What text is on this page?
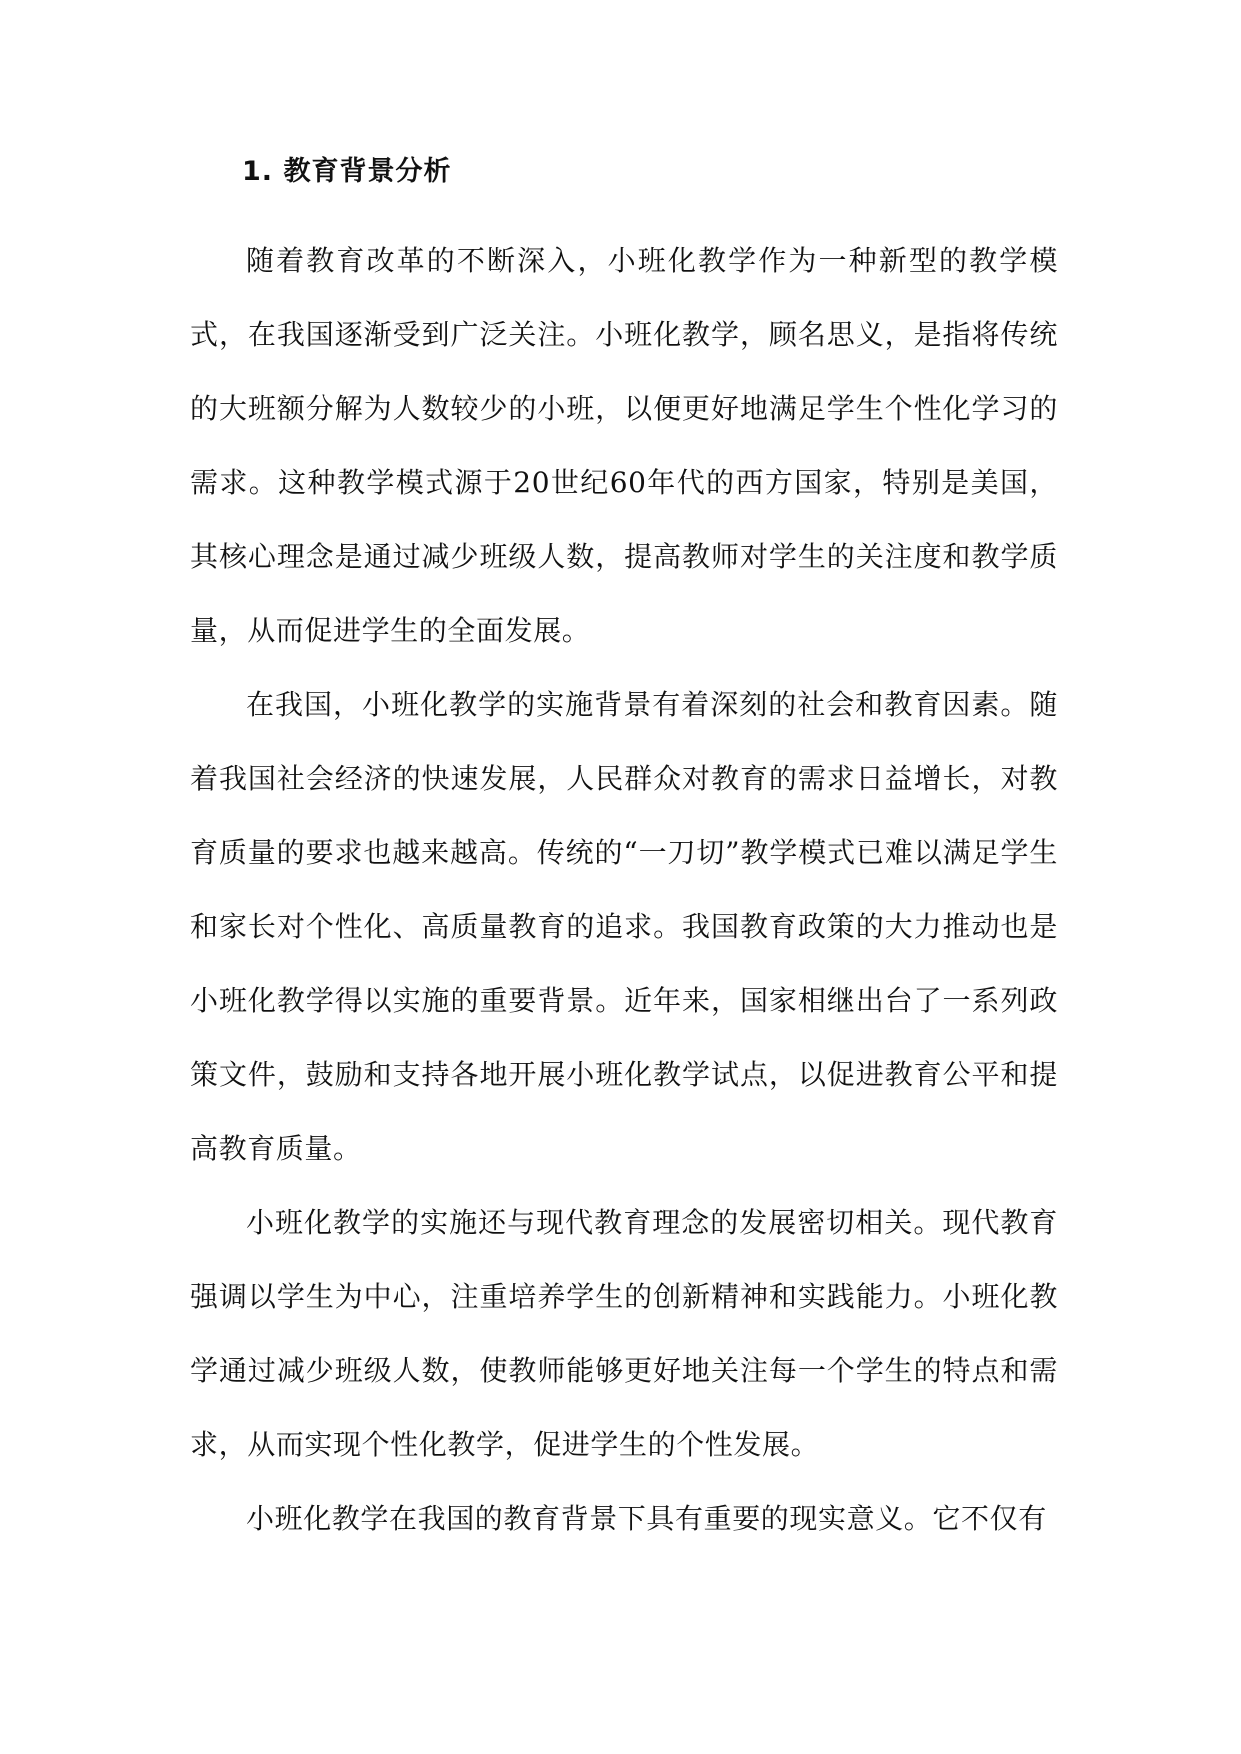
1. 教育背景分析

随着教育改革的不断深入，小班化教学作为一种新型的教学模式，在我国逐渐受到广泛关注。小班化教学，顾名思义，是指将传统的大班额分解为人数较少的小班，以便更好地满足学生个性化学习的需求。这种教学模式源于20世纪60年代的西方国家，特别是美国，其核心理念是通过减少班级人数，提高教师对学生的关注度和教学质量，从而促进学生的全面发展。

在我国，小班化教学的实施背景有着深刻的社会和教育因素。随着我国社会经济的快速发展，人民群众对教育的需求日益增长，对教育质量的要求也越来越高。传统的“一刀切”教学模式已难以满足学生和家长对个性化、高质量教育的追求。我国教育政策的大力推动也是小班化教学得以实施的重要背景。近年来，国家相继出台了一系列政策文件，鼓励和支持各地开展小班化教学试点，以促进教育公平和提高教育质量。

小班化教学的实施还与现代教育理念的发展密切相关。现代教育强调以学生为中心，注重培养学生的创新精神和实践能力。小班化教学通过减少班级人数，使教师能够更好地关注每一个学生的特点和需求，从而实现个性化教学，促进学生的个性发展。

小班化教学在我国的教育背景下具有重要的现实意义。它不仅有
